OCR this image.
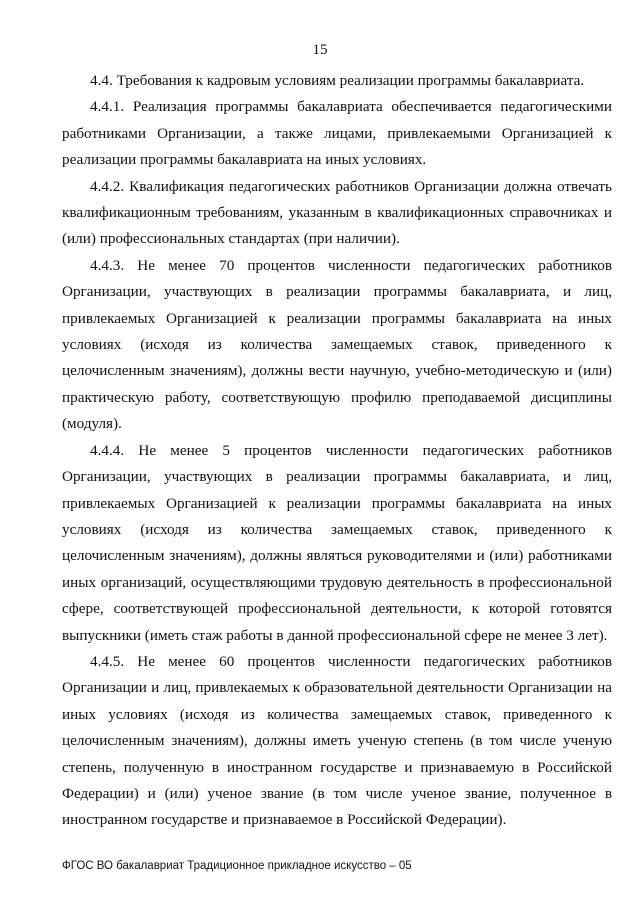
15

4.4. Требования к кадровым условиям реализации программы бакалавриата.

4.4.1. Реализация программы бакалавриата обеспечивается педагогическими работниками Организации, а также лицами, привлекаемыми Организацией к реализации программы бакалавриата на иных условиях.

4.4.2. Квалификация педагогических работников Организации должна отвечать квалификационным требованиям, указанным в квалификационных справочниках и (или) профессиональных стандартах (при наличии).

4.4.3. Не менее 70 процентов численности педагогических работников Организации, участвующих в реализации программы бакалавриата, и лиц, привлекаемых Организацией к реализации программы бакалавриата на иных условиях (исходя из количества замещаемых ставок, приведенного к целочисленным значениям), должны вести научную, учебно-методическую и (или) практическую работу, соответствующую профилю преподаваемой дисциплины (модуля).

4.4.4. Не менее 5 процентов численности педагогических работников Организации, участвующих в реализации программы бакалавриата, и лиц, привлекаемых Организацией к реализации программы бакалавриата на иных условиях (исходя из количества замещаемых ставок, приведенного к целочисленным значениям), должны являться руководителями и (или) работниками иных организаций, осуществляющими трудовую деятельность в профессиональной сфере, соответствующей профессиональной деятельности, к которой готовятся выпускники (иметь стаж работы в данной профессиональной сфере не менее 3 лет).

4.4.5. Не менее 60 процентов численности педагогических работников Организации и лиц, привлекаемых к образовательной деятельности Организации на иных условиях (исходя из количества замещаемых ставок, приведенного к целочисленным значениям), должны иметь ученую степень (в том числе ученую степень, полученную в иностранном государстве и признаваемую в Российской Федерации) и (или) ученое звание (в том числе ученое звание, полученное в иностранном государстве и признаваемое в Российской Федерации).

ФГОС ВО бакалавриат Традиционное прикладное искусство – 05
